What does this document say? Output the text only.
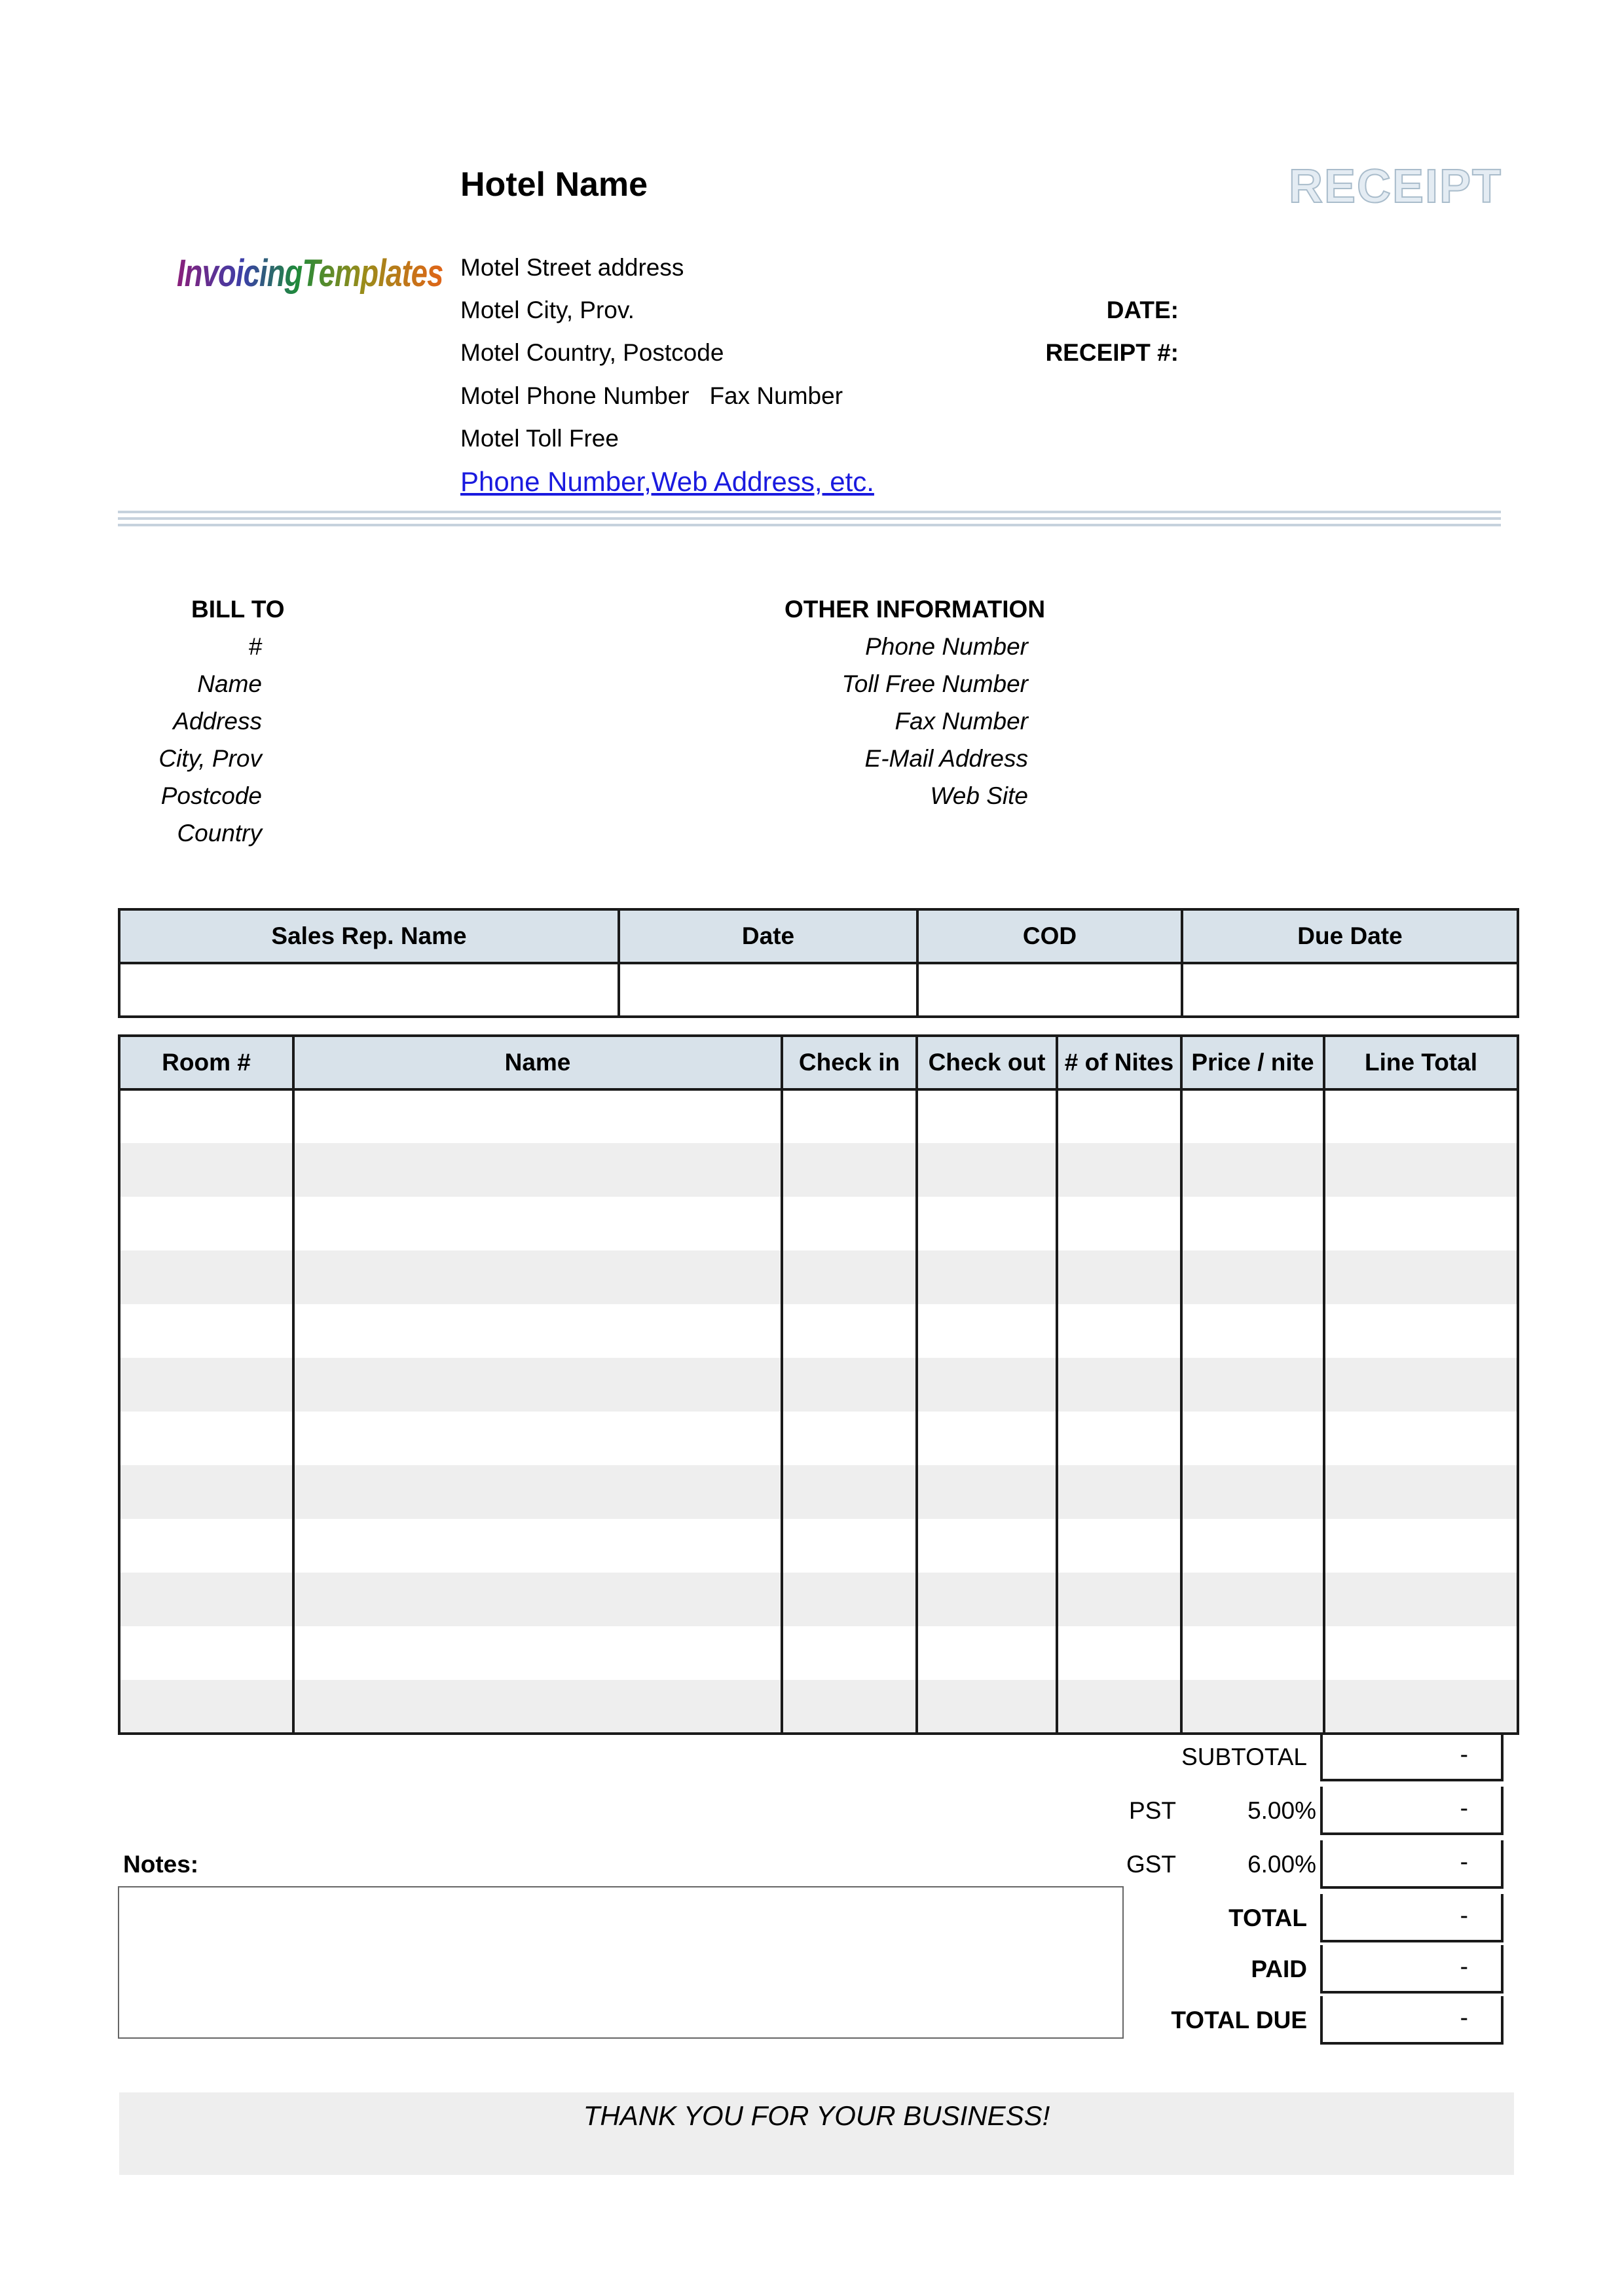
Hotel Name	RECEIPT
InvoicingTemplates Motel Street address
Motel City, Prov.
Motel Country, Postcode
Motel Phone Number   Fax Number
Motel Toll Free
Phone Number,Web Address, etc.
DATE:
RECEIPT #:
BILL TO
#
Name
Address
City, Prov
Postcode
Country
OTHER INFORMATION
Phone Number
Toll Free Number
Fax Number
E-Mail Address
Web Site
Sales Rep. Name	Date	COD	Due Date

Room #	Name	Check in	Check out	# of Nites	Price / nite	Line Total

SUBTOTAL	-
PST	5.00%	-
GST	6.00%	-
TOTAL	-
PAID	-
TOTAL DUE	-
Notes:
THANK YOU FOR YOUR BUSINESS!
